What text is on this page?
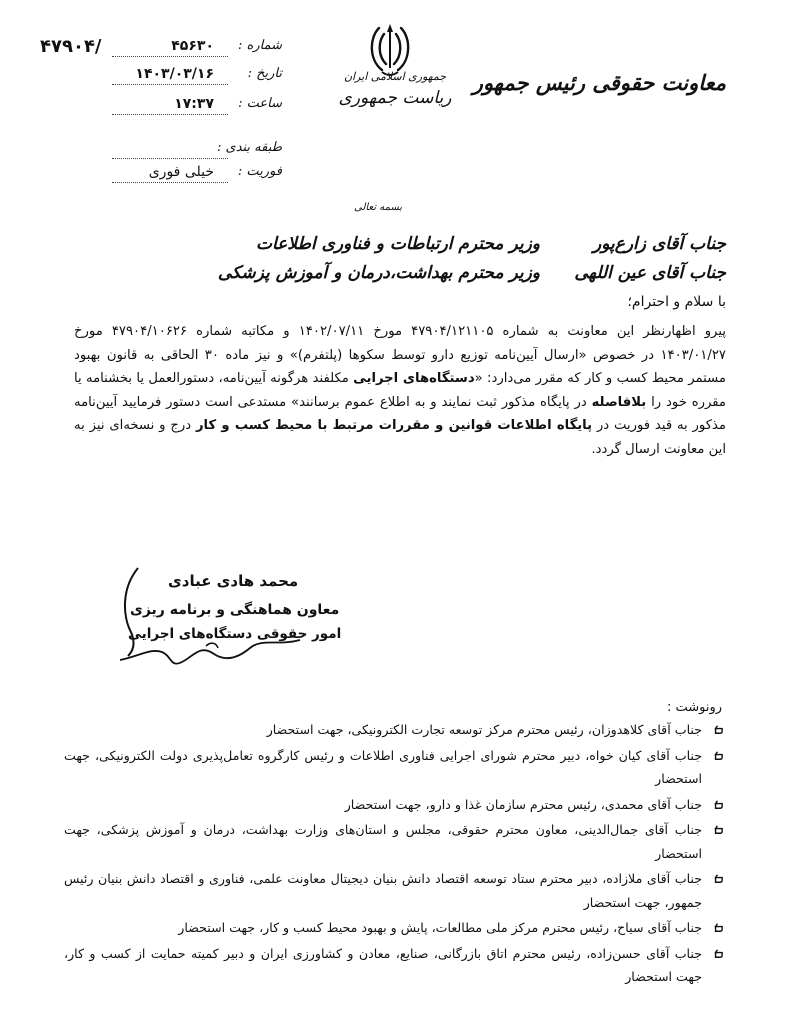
۴۷۹۰۴/	شماره :
۴۵۶۳۰
تاریخ :
۱۴۰۳/۰۳/۱۶
ساعت :
۱۷:۳۷
طبقه بندی :
فوریت :
خیلی فوری
جمهوری اسلامی ایران
ریاست جمهوری
معاونت حقوقی رئیس جمهور
بسمه تعالی
جناب آقای زارع‌پور
وزیر محترم ارتباطات و فناوری اطلاعات
جناب آقای عین اللهی
وزیر محترم بهداشت،درمان و آموزش پزشکی
با سلام و احترام؛
پیرو اظهارنظر این معاونت به شماره ۴۷۹۰۴/۱۲۱۱۰۵ مورخ ۱۴۰۲/۰۷/۱۱ و مکاتبه شماره ۴۷۹۰۴/۱۰۶۲۶ مورخ ۱۴۰۳/۰۱/۲۷ در خصوص «ارسال آیین‌نامه توزیع دارو توسط سکوها (پلتفرم)» و نیز ماده ۳۰ الحاقی به قانون بهبود مستمر محیط کسب و کار که مقرر می‌دارد: «دستگاه‌های اجرایی مکلفند هرگونه آیین‌نامه، دستورالعمل یا بخشنامه یا مقرره خود را بلافاصله در پایگاه مذکور ثبت نمایند و به اطلاع عموم برسانند» مستدعی است دستور فرمایید آیین‌نامه مذکور به قید فوریت در پایگاه اطلاعات قوانین و مقررات مرتبط با محیط کسب و کار درج و نسخه‌ای نیز به این معاونت ارسال گردد.
محمد هادی عبادی
معاون هماهنگی و برنامه ریزی
امور حقوقی دستگاه‌های اجرایی
رونوشت :
جناب آقای کلاهدوزان، رئیس محترم مرکز توسعه تجارت الکترونیکی، جهت استحضار
جناب آقای کیان خواه، دبیر محترم شورای اجرایی فناوری اطلاعات و رئیس کارگروه تعامل‌پذیری دولت الکترونیکی، جهت استحضار
جناب آقای محمدی، رئیس محترم سازمان غذا و دارو، جهت استحضار
جناب آقای جمال‌الدینی، معاون محترم حقوقی، مجلس و استان‌های وزارت بهداشت، درمان و آموزش پزشکی، جهت استحضار
جناب آقای ملازاده، دبیر محترم ستاد توسعه اقتصاد دانش بنیان دیجیتال معاونت علمی، فناوری و اقتصاد دانش بنیان رئیس جمهور، جهت استحضار
جناب آقای سیاح، رئیس محترم مرکز ملی مطالعات، پایش و بهبود محیط کسب و کار، جهت استحضار
جناب آقای حسن‌زاده، رئیس محترم اتاق بازرگانی، صنایع، معادن و کشاورزی ایران و دبیر کمیته حمایت از کسب و کار، جهت استحضار
